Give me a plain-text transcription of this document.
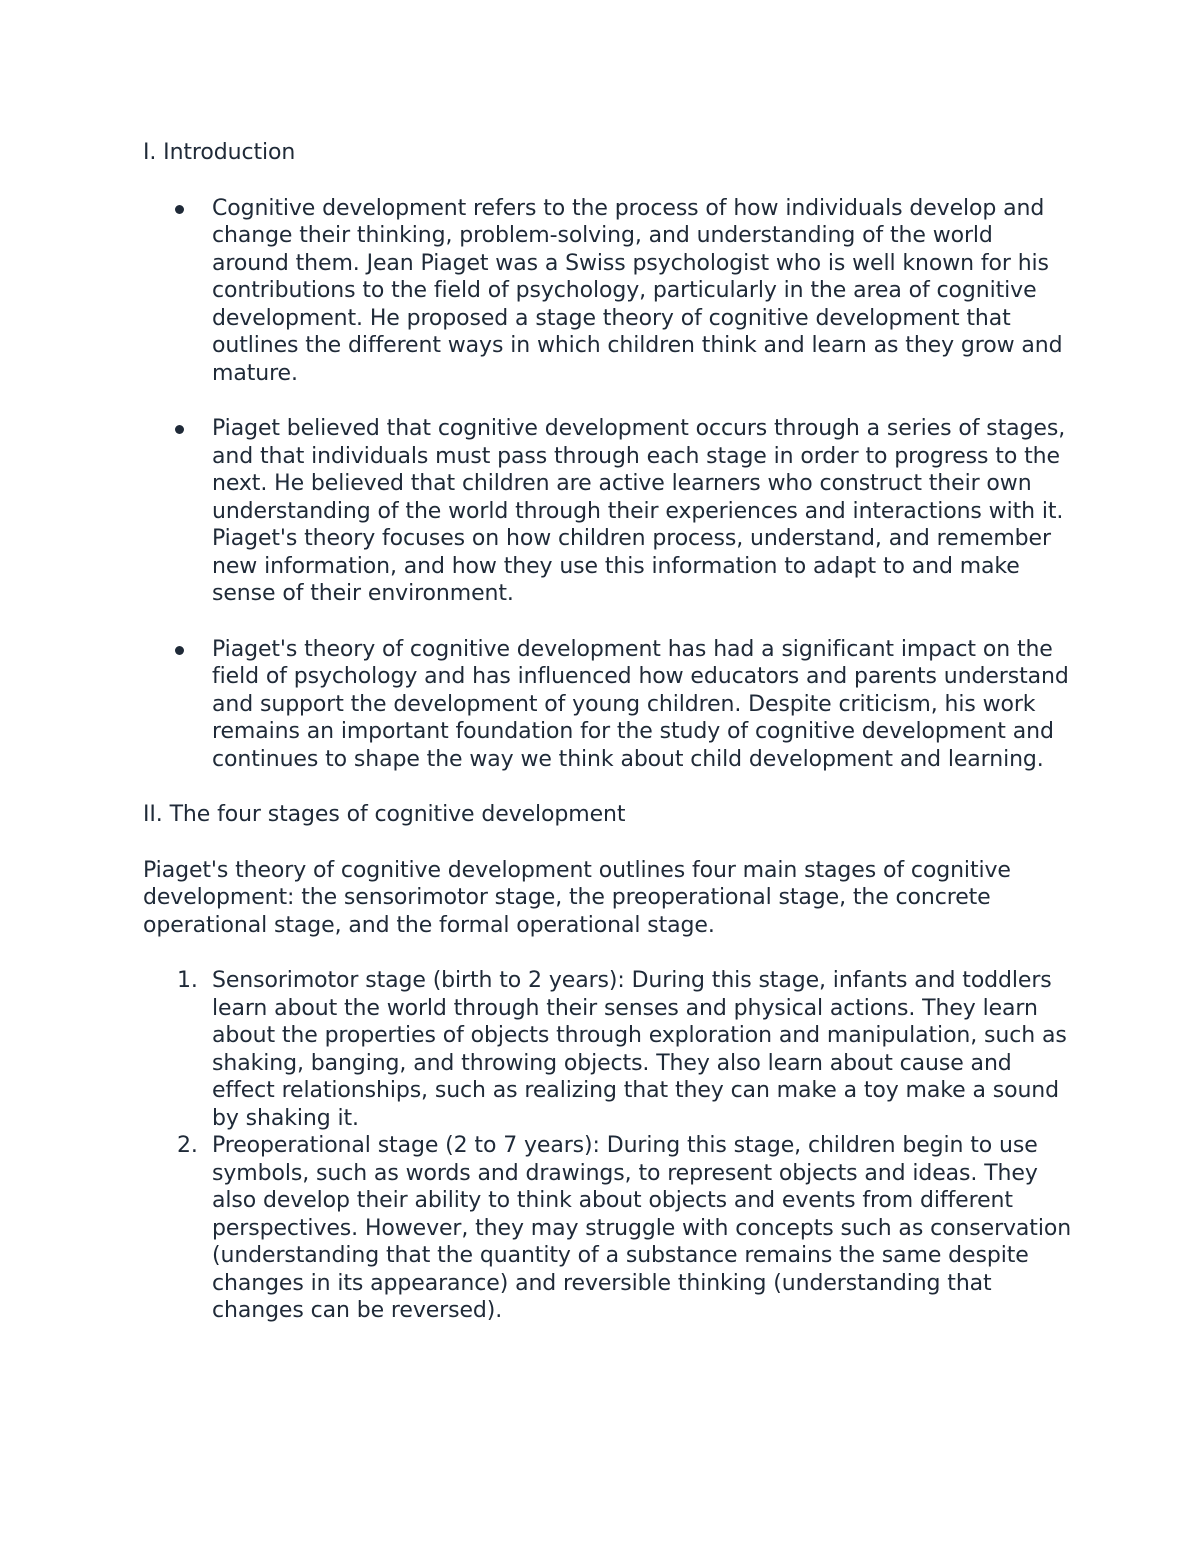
I. Introduction

Cognitive development refers to the process of how individuals develop and change their thinking, problem-solving, and understanding of the world around them. Jean Piaget was a Swiss psychologist who is well known for his contributions to the field of psychology, particularly in the area of cognitive development. He proposed a stage theory of cognitive development that outlines the different ways in which children think and learn as they grow and mature.
Piaget believed that cognitive development occurs through a series of stages, and that individuals must pass through each stage in order to progress to the next. He believed that children are active learners who construct their own understanding of the world through their experiences and interactions with it. Piaget's theory focuses on how children process, understand, and remember new information, and how they use this information to adapt to and make sense of their environment.
Piaget's theory of cognitive development has had a significant impact on the field of psychology and has influenced how educators and parents understand and support the development of young children. Despite criticism, his work remains an important foundation for the study of cognitive development and continues to shape the way we think about child development and learning.

II. The four stages of cognitive development

Piaget's theory of cognitive development outlines four main stages of cognitive development: the sensorimotor stage, the preoperational stage, the concrete operational stage, and the formal operational stage.

1. Sensorimotor stage (birth to 2 years): During this stage, infants and toddlers learn about the world through their senses and physical actions. They learn about the properties of objects through exploration and manipulation, such as shaking, banging, and throwing objects. They also learn about cause and effect relationships, such as realizing that they can make a toy make a sound by shaking it.
2. Preoperational stage (2 to 7 years): During this stage, children begin to use symbols, such as words and drawings, to represent objects and ideas. They also develop their ability to think about objects and events from different perspectives. However, they may struggle with concepts such as conservation (understanding that the quantity of a substance remains the same despite changes in its appearance) and reversible thinking (understanding that changes can be reversed).
